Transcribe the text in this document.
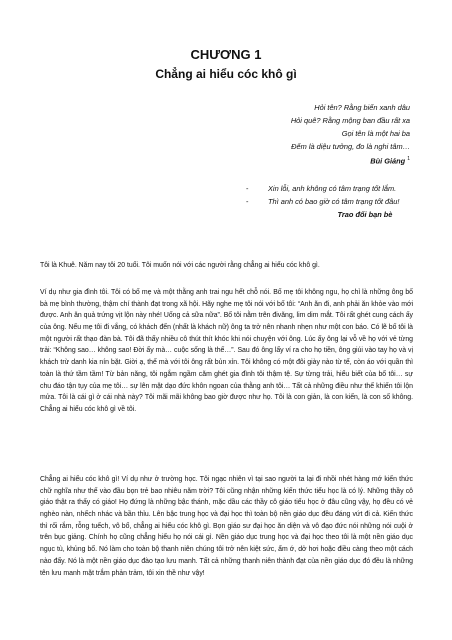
CHƯƠNG 1
Chẳng ai hiểu cóc khô gì
Hỏi tên? Rằng biển xanh dâu
Hỏi quê? Rằng mộng ban đầu rất xa
Gọi tên là một hai ba
Đếm là diệu tưởng, đo là nghi tâm…
Bùi Giáng $^1$
-	Xin lỗi, anh không có tâm trạng tốt lắm.
-	Thì anh có bao giờ có tâm trạng tốt đâu!
Trao đổi bạn bè

Tôi là Khuê. Năm nay tôi 20 tuổi. Tôi muốn nói với các người rằng chẳng ai hiểu cóc khô gì.

Ví dụ như gia đình tôi. Tôi có bố mẹ và một thằng anh trai ngu hết chỗ nói. Bố mẹ tôi không ngu, họ chỉ là những ông bố bà mẹ bình thường, thậm chí thành đạt trong xã hội. Hãy nghe mẹ tôi nói với bố tôi: “Anh ăn đi, anh phải ăn khỏe vào mới được. Anh ăn quả trứng vịt lộn này nhé! Uống cả sữa nữa”. Bố tôi nằm trên đivăng, lim dim mắt. Tôi rất ghét cung cách ấy của ông. Nếu mẹ tôi đi vắng, có khách đến (nhất là khách nữ) ông ta trở nên nhanh nhẹn như một con báo. Có lẽ bố tôi là một người rất thạo đàn bà. Tôi đã thấy nhiều cô thút thít khóc khi nói chuyện với ông. Lúc ấy ông lại vỗ về họ với vẻ từng trải: “Không sao… không sao! Đời ấy mà… cuộc sống là thế…”. Sau đó ông lấy ví ra cho họ tiền, ông giúi vào tay họ và vị khách trừ danh kia nín bặt. Giời ạ, thế mà với tôi ông rất bủn xỉn. Tôi không có một đôi giày nào từ tế, còn áo với quần thì toàn là thứ tầm tầm! Từ bản năng, tôi ngắm ngầm căm ghét gia đình tôi thậm tệ. Sự từng trải, hiểu biết của bố tôi… sự chu đáo tận tụy của mẹ tôi… sự lên mặt dạo đức khôn ngoan của thằng anh tôi… Tất cả những điều như thế khiến tôi lộn mửa. Tôi là cái gì ở cái nhà này? Tôi mãi mãi không bao giờ được như họ. Tôi là con giản, là con kiến, là con số không. Chẳng ai hiểu cóc khô gì về tôi.

Chẳng ai hiểu cóc khô gì! Ví dụ như ở trường học. Tôi ngạc nhiên vì tại sao người ta lại đi nhồi nhét hàng mớ kiến thức chữ nghĩa như thế vào đầu bọn trẻ bao nhiêu năm trời? Tôi cũng nhận những kiến thức tiểu học là có lý. Những thầy cô giáo thật ra thấy có giáo! Họ đứng là những bậc thánh, mặc dầu các thầy cô giáo tiểu học ở đâu cũng vậy, họ đều có vẻ nghèo nàn, nhếch nhác và bần thỉu. Lên bậc trung học và đại học thì toàn bộ nền giáo dục đều đáng vứt đi cả. Kiến thức thì rối rắm, rỗng tuếch, vô bổ, chẳng ai hiểu cóc khô gì. Bọn giáo sư đại học ăn diện và vô đạo đức nói những nói cuội ở trên bục giảng. Chính họ cũng chẳng hiểu họ nói cái gì. Nền giáo dục trung học và đại học theo tôi là một nền giáo dục ngục tù, khủng bố. Nó làm cho toàn bộ thanh niên chúng tôi trở nên kiệt sức, ẩm ớ, dở hơi hoặc điều càng theo một cách nào đấy. Nó là một nền giáo dục đào tạo lưu manh. Tất cả những thanh niên thành đạt của nền giáo dục đó đều là những tên lưu manh mặt trắm phản trảm, tôi xin thề như vậy!
